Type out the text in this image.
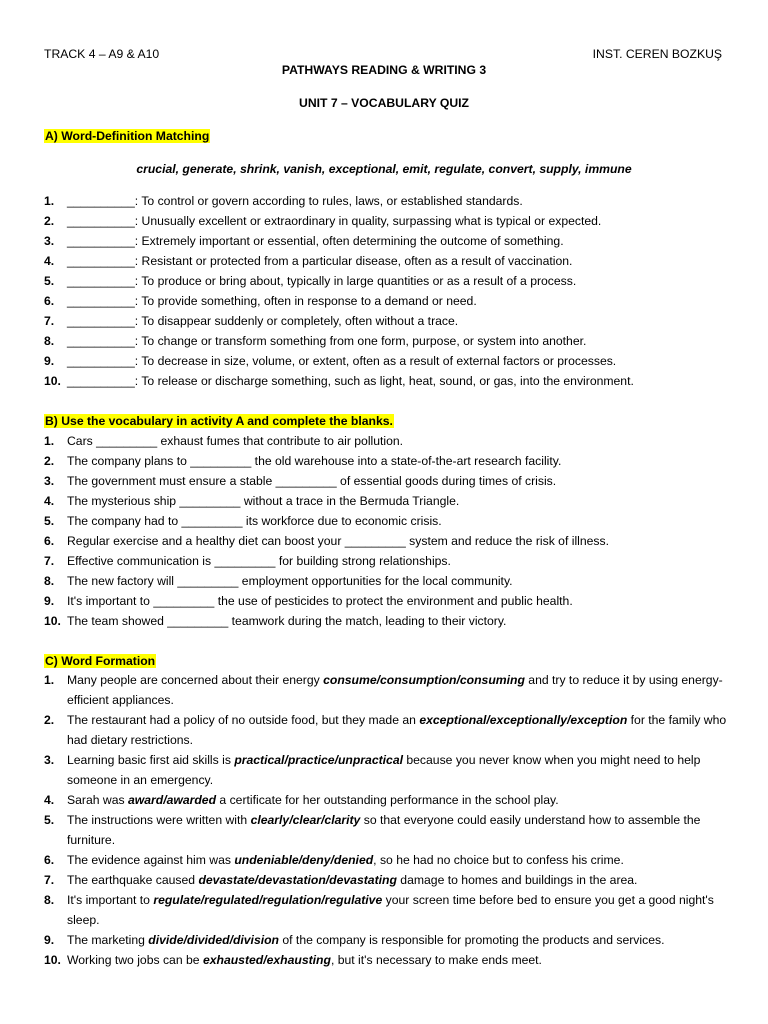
TRACK 4 – A9 & A10	INST. CEREN BOZKUŞ
PATHWAYS READING & WRITING 3
UNIT 7 – VOCABULARY QUIZ
A) Word-Definition Matching
crucial, generate, shrink, vanish, exceptional, emit, regulate, convert, supply, immune
1.	__________: To control or govern according to rules, laws, or established standards.
2.	__________: Unusually excellent or extraordinary in quality, surpassing what is typical or expected.
3.	__________: Extremely important or essential, often determining the outcome of something.
4.	__________: Resistant or protected from a particular disease, often as a result of vaccination.
5.	__________: To produce or bring about, typically in large quantities or as a result of a process.
6.	__________: To provide something, often in response to a demand or need.
7.	__________: To disappear suddenly or completely, often without a trace.
8.	__________: To change or transform something from one form, purpose, or system into another.
9.	__________: To decrease in size, volume, or extent, often as a result of external factors or processes.
10. __________: To release or discharge something, such as light, heat, sound, or gas, into the environment.
B) Use the vocabulary in activity A and complete the blanks.
1.	Cars _________ exhaust fumes that contribute to air pollution.
2.	The company plans to _________ the old warehouse into a state-of-the-art research facility.
3.	The government must ensure a stable _________ of essential goods during times of crisis.
4.	The mysterious ship _________ without a trace in the Bermuda Triangle.
5.	The company had to _________ its workforce due to economic crisis.
6.	Regular exercise and a healthy diet can boost your _________ system and reduce the risk of illness.
7.	Effective communication is _________ for building strong relationships.
8.	The new factory will _________ employment opportunities for the local community.
9.	It's important to _________ the use of pesticides to protect the environment and public health.
10. The team showed _________ teamwork during the match, leading to their victory.
C) Word Formation
1.	Many people are concerned about their energy consume/consumption/consuming and try to reduce it by using energy-efficient appliances.
2.	The restaurant had a policy of no outside food, but they made an exceptional/exceptionally/exception for the family who had dietary restrictions.
3.	Learning basic first aid skills is practical/practice/unpractical because you never know when you might need to help someone in an emergency.
4.	Sarah was award/awarded a certificate for her outstanding performance in the school play.
5.	The instructions were written with clearly/clear/clarity so that everyone could easily understand how to assemble the furniture.
6.	The evidence against him was undeniable/deny/denied, so he had no choice but to confess his crime.
7.	The earthquake caused devastate/devastation/devastating damage to homes and buildings in the area.
8.	It's important to regulate/regulated/regulation/regulative your screen time before bed to ensure you get a good night's sleep.
9.	The marketing divide/divided/division of the company is responsible for promoting the products and services.
10. Working two jobs can be exhausted/exhausting, but it's necessary to make ends meet.
